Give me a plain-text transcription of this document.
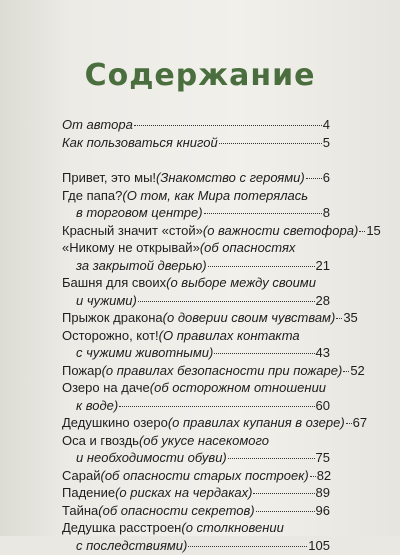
Содержание
От автора	4
Как пользоваться книгой	5
Привет, это мы! (Знакомство с героями) 6
Где папа? (О том, как Мира потерялась
в торговом центре)	8
Красный значит «стой» (о важности светофора) 15
«Никому не открывай» (об опасностях
за закрытой дверью)	21
Башня для своих (о выборе между своими
и чужими)	28
Прыжок дракона (о доверии своим чувствам) 35
Осторожно, кот! (О правилах контакта
с чужими животными)	43
Пожар (о правилах безопасности при пожаре) 52
Озеро на даче (об осторожном отношении
к воде)	60
Дедушкино озеро (о правилах купания в озере) 67
Оса и гвоздь (об укусе насекомого
и необходимости обуви)	75
Сарай (об опасности старых построек) 82
Падение (о рисках на чердаках)	89
Тайна (об опасности секретов)	96
Дедушка расстроен (о столкновении
с последствиями)	105
